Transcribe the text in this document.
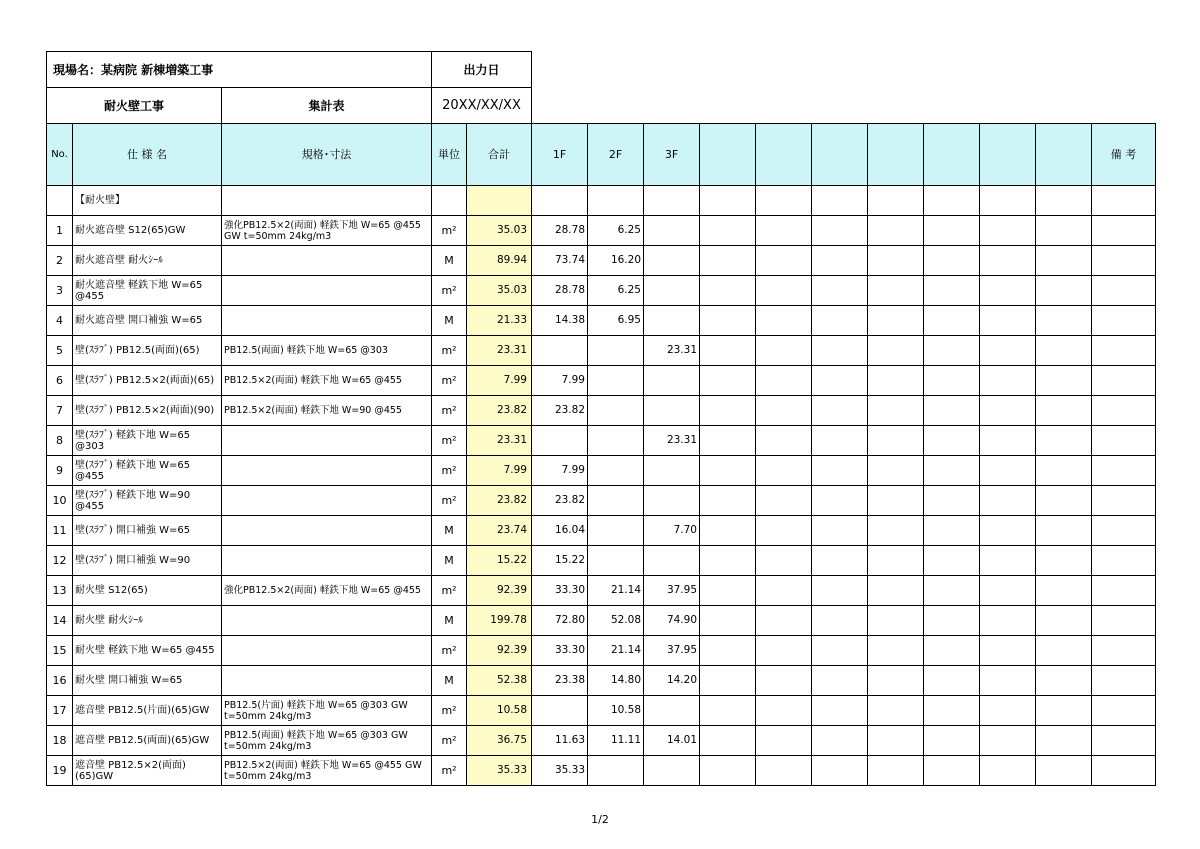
現場名：某病院 新棟増築工事		出力日
耐火壁工事	集計表	20XX/XX/XX
No.	仕 様 名	規格･寸法	単位	合計	1F	2F	3F								備 考
	【耐火壁】														
1	耐火遮音壁 S12(65)GW	強化PB12.5×2(両面) 軽鉄下地 W=65 @455 GW t=50mm 24kg/m3	m²	35.03	28.78	6.25									
2	耐火遮音壁 耐火ｼｰﾙ		M	89.94	73.74	16.20									
3	耐火遮音壁 軽鉄下地 W=65 @455		m²	35.03	28.78	6.25									
4	耐火遮音壁 開口補強 W=65		M	21.33	14.38	6.95									
5	壁(ｽﾗﾌﾞ) PB12.5(両面)(65)	PB12.5(両面) 軽鉄下地 W=65 @303	m²	23.31			23.31								
6	壁(ｽﾗﾌﾞ) PB12.5×2(両面)(65)	PB12.5×2(両面) 軽鉄下地 W=65 @455	m²	7.99	7.99										
7	壁(ｽﾗﾌﾞ) PB12.5×2(両面)(90)	PB12.5×2(両面) 軽鉄下地 W=90 @455	m²	23.82	23.82										
8	壁(ｽﾗﾌﾞ) 軽鉄下地 W=65 @303		m²	23.31			23.31								
9	壁(ｽﾗﾌﾞ) 軽鉄下地 W=65 @455		m²	7.99	7.99										
10	壁(ｽﾗﾌﾞ) 軽鉄下地 W=90 @455		m²	23.82	23.82										
11	壁(ｽﾗﾌﾞ) 開口補強 W=65		M	23.74	16.04		7.70								
12	壁(ｽﾗﾌﾞ) 開口補強 W=90		M	15.22	15.22										
13	耐火壁 S12(65)	強化PB12.5×2(両面) 軽鉄下地 W=65 @455	m²	92.39	33.30	21.14	37.95								
14	耐火壁 耐火ｼｰﾙ		M	199.78	72.80	52.08	74.90								
15	耐火壁 軽鉄下地 W=65 @455		m²	92.39	33.30	21.14	37.95								
16	耐火壁 開口補強 W=65		M	52.38	23.38	14.80	14.20								
17	遮音壁 PB12.5(片面)(65)GW	PB12.5(片面) 軽鉄下地 W=65 @303 GW t=50mm 24kg/m3	m²	10.58		10.58									
18	遮音壁 PB12.5(両面)(65)GW	PB12.5(両面) 軽鉄下地 W=65 @303 GW t=50mm 24kg/m3	m²	36.75	11.63	11.11	14.01								
19	遮音壁 PB12.5×2(両面)(65)GW	PB12.5×2(両面) 軽鉄下地 W=65 @455 GW t=50mm 24kg/m3	m²	35.33	35.33										
1/2
